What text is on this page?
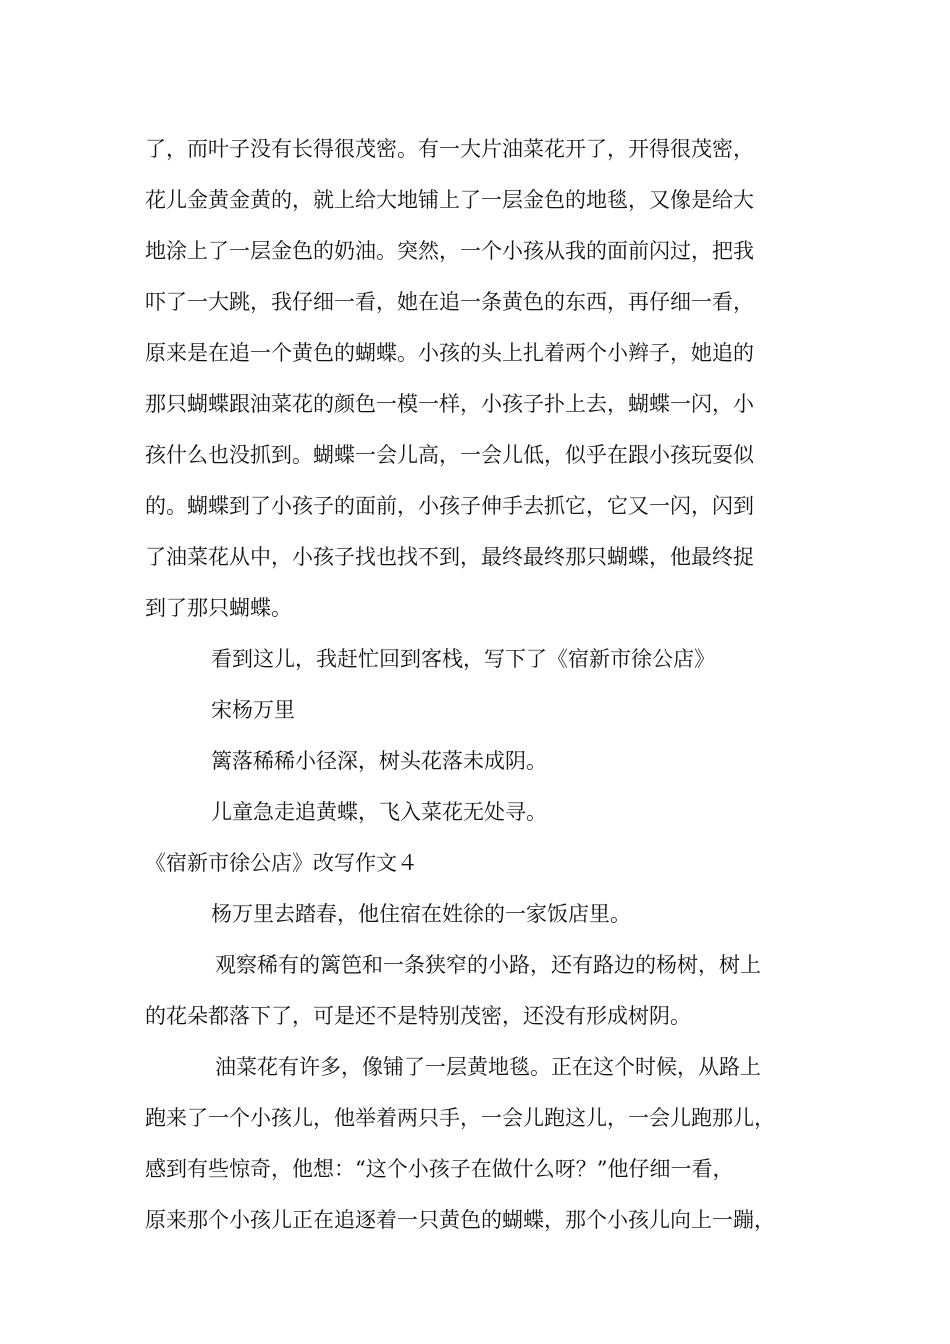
了，而叶子没有长得很茂密。有一大片油菜花开了，开得很茂密，
花儿金黄金黄的，就上给大地铺上了一层金色的地毯，又像是给大
地涂上了一层金色的奶油。突然，一个小孩从我的面前闪过，把我
吓了一大跳，我仔细一看，她在追一条黄色的东西，再仔细一看，
原来是在追一个黄色的蝴蝶。小孩的头上扎着两个小辫子，她追的
那只蝴蝶跟油菜花的颜色一模一样，小孩子扑上去，蝴蝶一闪，小
孩什么也没抓到。蝴蝶一会儿高，一会儿低，似乎在跟小孩玩耍似
的。蝴蝶到了小孩子的面前，小孩子伸手去抓它，它又一闪，闪到
了油菜花从中，小孩子找也找不到，最终最终那只蝴蝶，他最终捉
到了那只蝴蝶。
看到这儿，我赶忙回到客栈，写下了《宿新市徐公店》
宋杨万里
篱落稀稀小径深，树头花落未成阴。
儿童急走追黄蝶，飞入菜花无处寻。
《宿新市徐公店》改写作文４
杨万里去踏春，他住宿在姓徐的一家饭店里。
观察稀有的篱笆和一条狭窄的小路，还有路边的杨树，树上
的花朵都落下了，可是还不是特别茂密，还没有形成树阴。
油菜花有许多，像铺了一层黄地毯。正在这个时候，从路上
跑来了一个小孩儿，他举着两只手，一会儿跑这儿，一会儿跑那儿，
感到有些惊奇，他想：“这个小孩子在做什么呀？”他仔细一看，
原来那个小孩儿正在追逐着一只黄色的蝴蝶，那个小孩儿向上一蹦，
